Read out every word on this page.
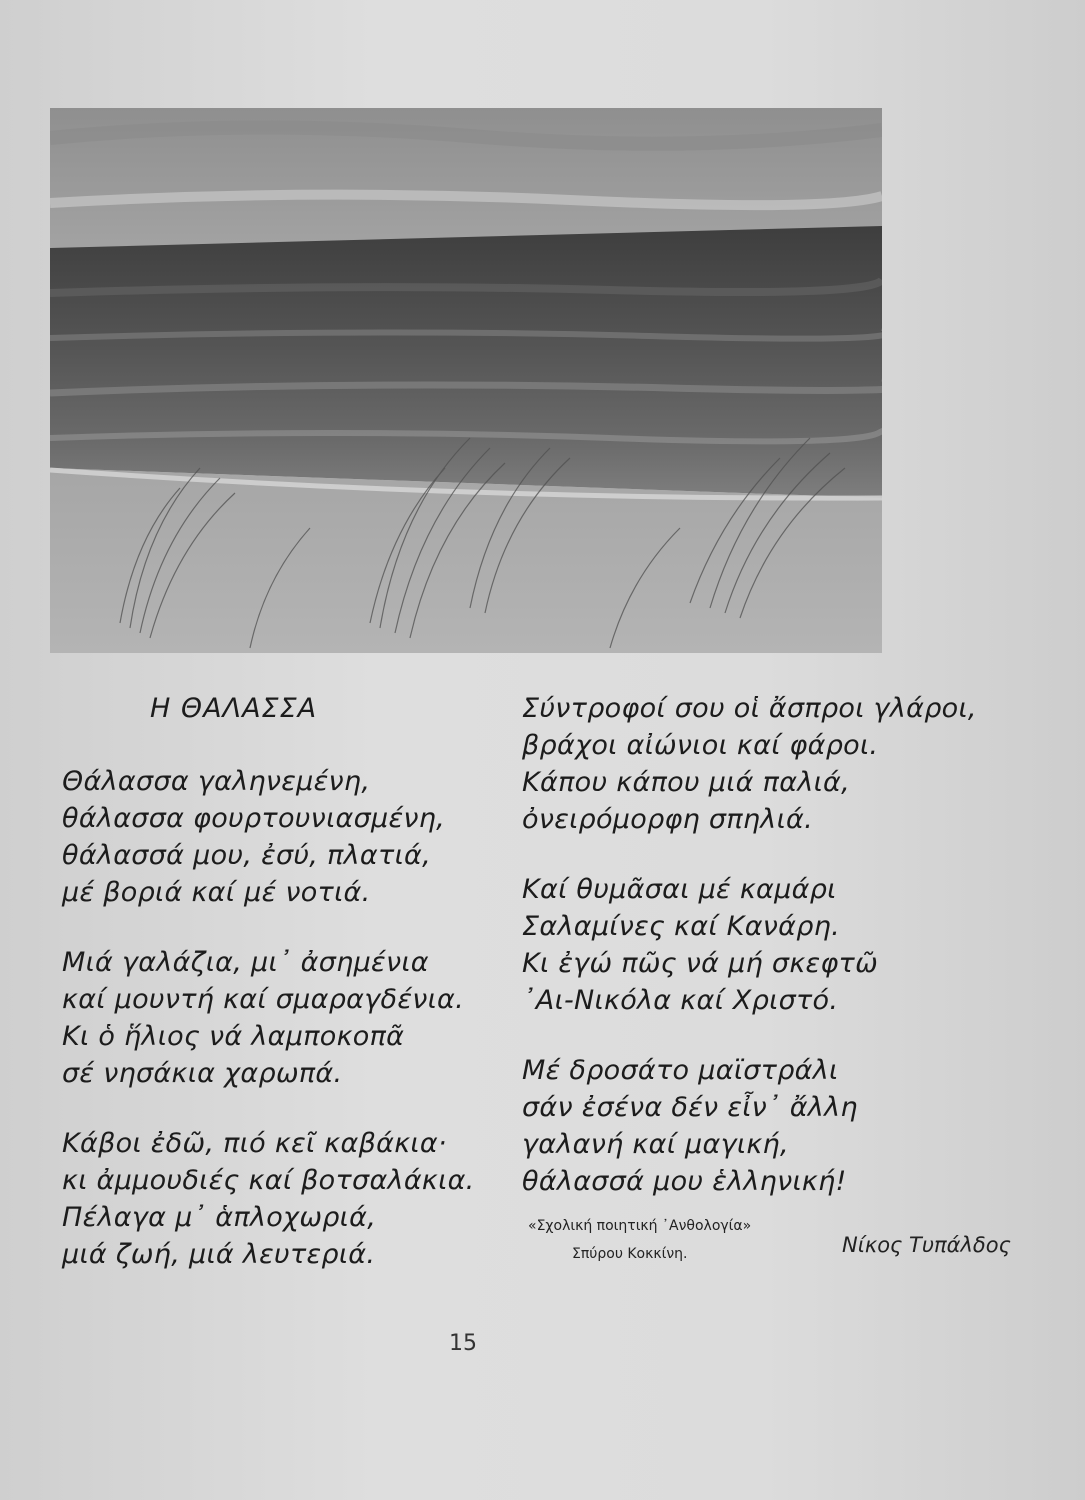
Η ΘΑΛΑΣΣΑ
Θάλασσα γαληνεμένη,
θάλασσα φουρτουνιασμένη,
θάλασσά μου, ἐσύ, πλατιά,
μέ βοριά καί μέ νοτιά.
Μιά γαλάζια, μι᾽ ἀσημένια
καί μουντή καί σμαραγδένια.
Κι ὁ ἥλιος νά λαμποκοπᾶ
σέ νησάκια χαρωπά.
Κάβοι ἐδῶ, πιό κεῖ καβάκια·
κι ἀμμουδιές καί βοτσαλάκια.
Πέλαγα μ᾽ ἁπλοχωριά,
μιά ζωή, μιά λευτεριά.
Σύντροφοί σου οἱ ἄσπροι γλάροι,
βράχοι αἰώνιοι καί φάροι.
Κάπου κάπου μιά παλιά,
ὀνειρόμορφη σπηλιά.
Καί θυμᾶσαι μέ καμάρι
Σαλαμίνες καί Κανάρη.
Κι ἐγώ πῶς νά μή σκεφτῶ
᾽Αι-Νικόλα καί Χριστό.
Μέ δροσάτο μαϊστράλι
σάν ἐσένα δέν εἶν᾽ ἄλλη
γαλανή καί μαγική,
θάλασσά μου ἑλληνική!
«Σχολική ποιητική ᾽Ανθολογία»
Σπύρου Κοκκίνη.	Νίκος Τυπάλδος
15
